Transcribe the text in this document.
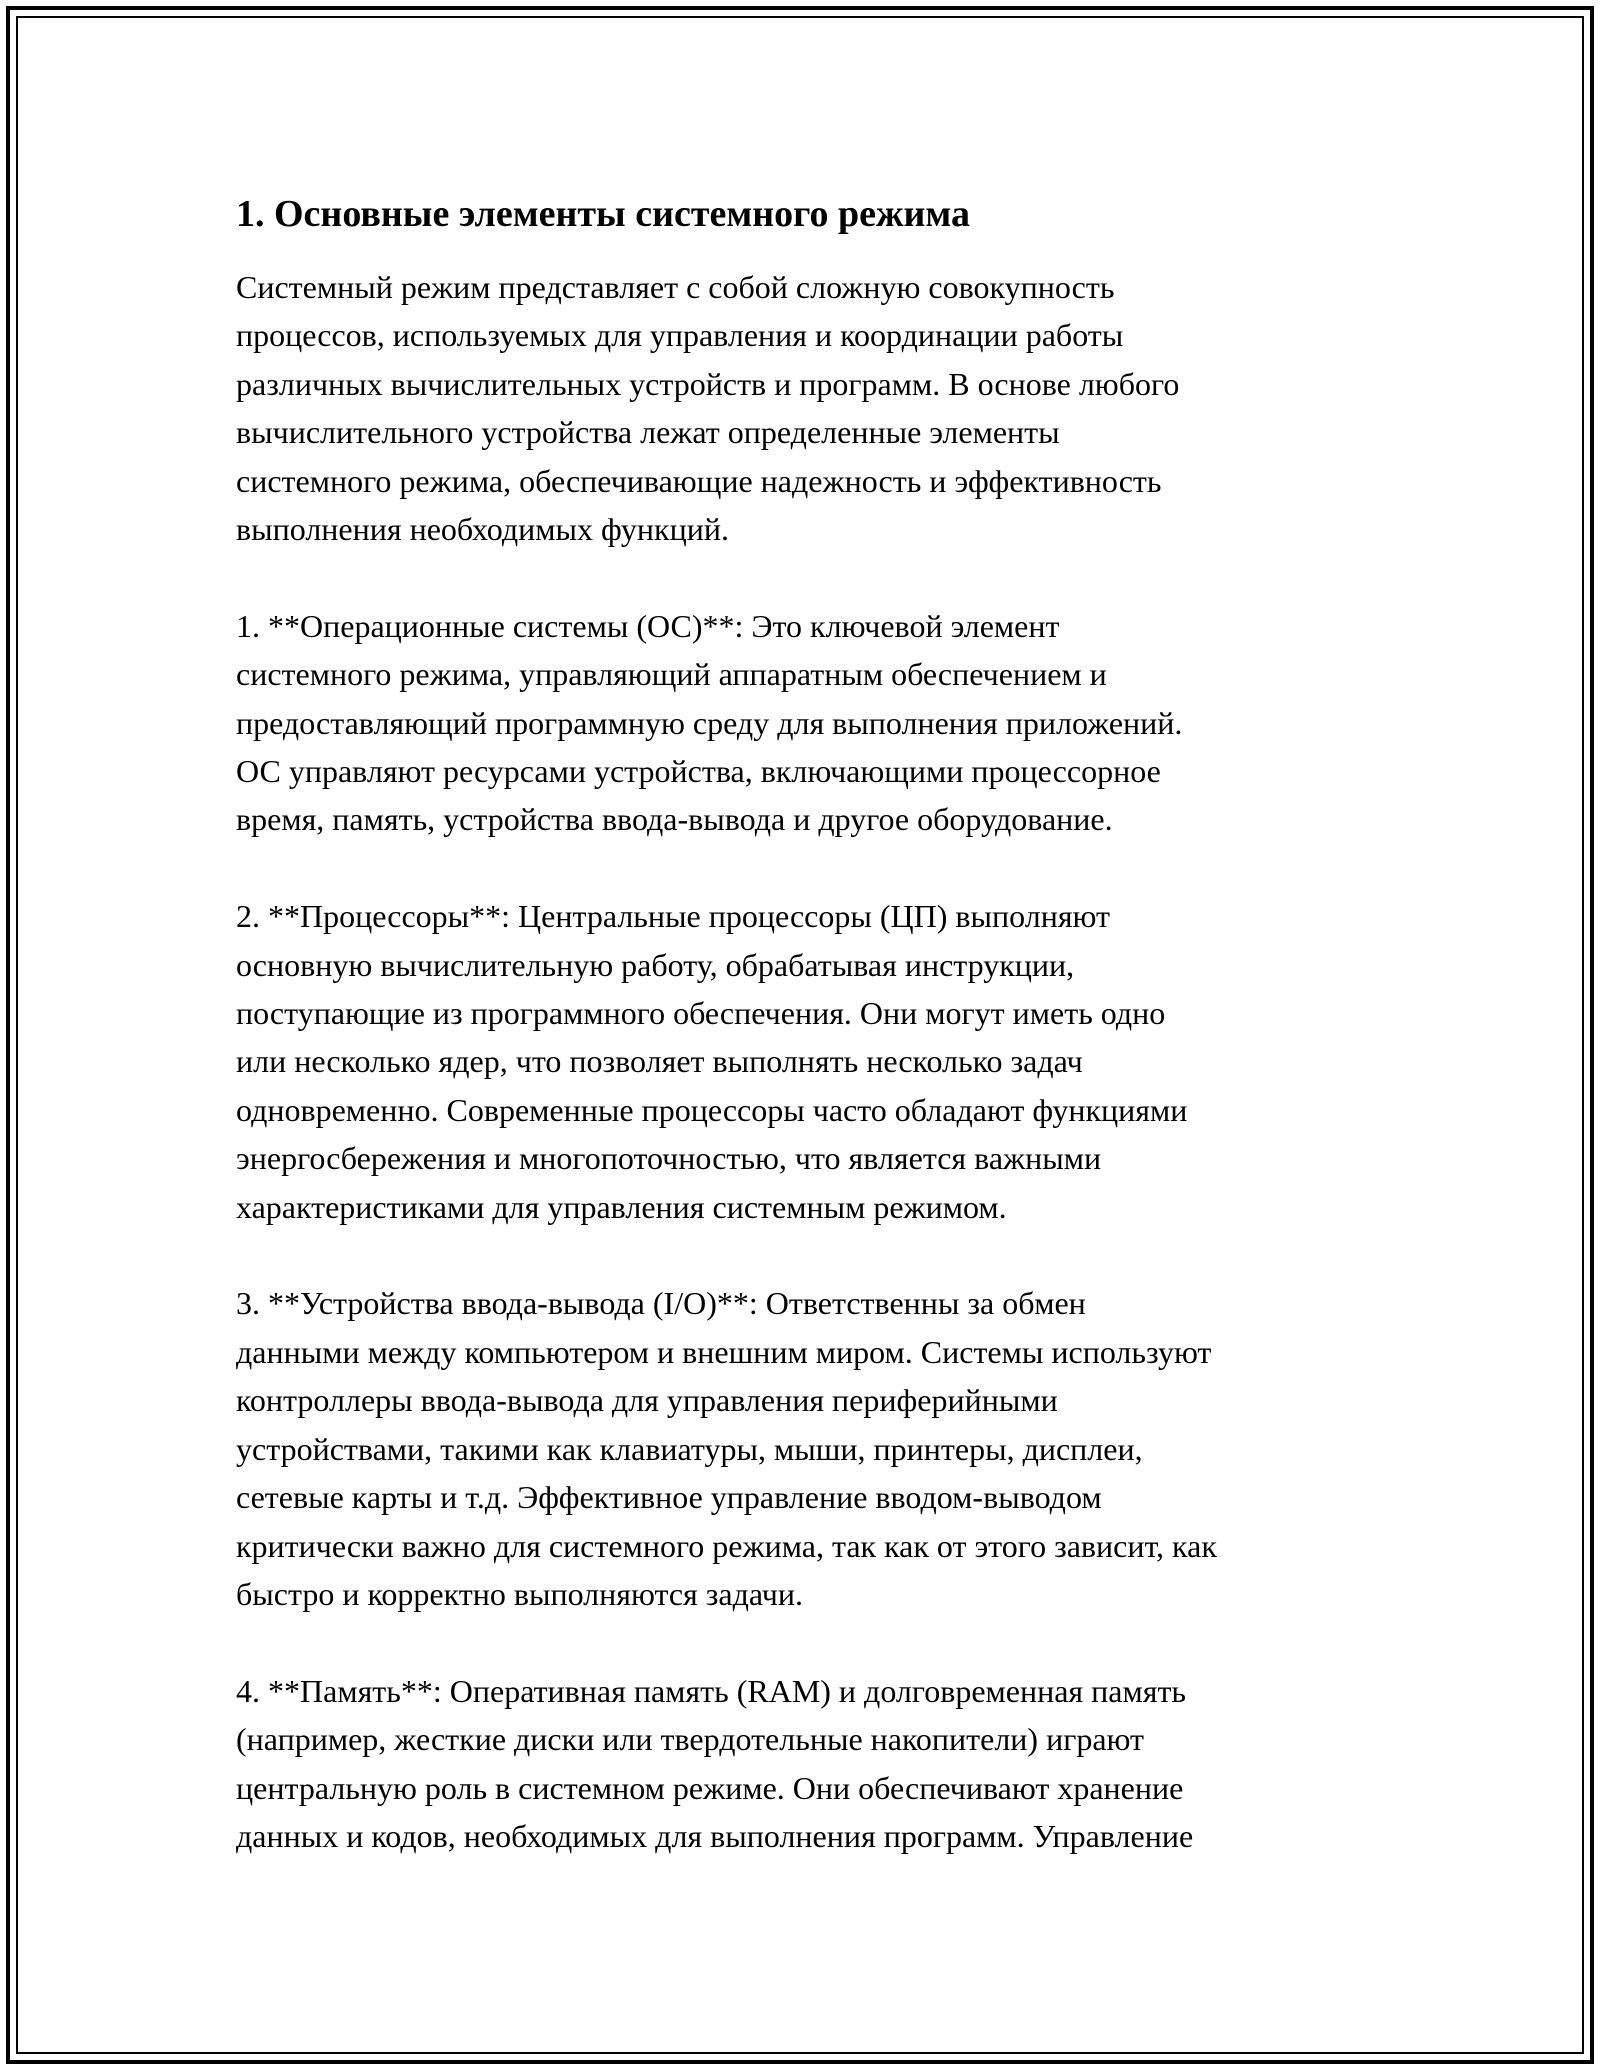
1. Основные элементы системного режима

Системный режим представляет с собой сложную совокупность
процессов, используемых для управления и координации работы
различных вычислительных устройств и программ. В основе любого
вычислительного устройства лежат определенные элементы
системного режима, обеспечивающие надежность и эффективность
выполнения необходимых функций.

1. **Операционные системы (ОС)**: Это ключевой элемент
системного режима, управляющий аппаратным обеспечением и
предоставляющий программную среду для выполнения приложений.
ОС управляют ресурсами устройства, включающими процессорное
время, память, устройства ввода-вывода и другое оборудование.

2. **Процессоры**: Центральные процессоры (ЦП) выполняют
основную вычислительную работу, обрабатывая инструкции,
поступающие из программного обеспечения. Они могут иметь одно
или несколько ядер, что позволяет выполнять несколько задач
одновременно. Современные процессоры часто обладают функциями
энергосбережения и многопоточностью, что является важными
характеристиками для управления системным режимом.

3. **Устройства ввода-вывода (I/O)**: Ответственны за обмен
данными между компьютером и внешним миром. Системы используют
контроллеры ввода-вывода для управления периферийными
устройствами, такими как клавиатуры, мыши, принтеры, дисплеи,
сетевые карты и т.д. Эффективное управление вводом-выводом
критически важно для системного режима, так как от этого зависит, как
быстро и корректно выполняются задачи.

4. **Память**: Оперативная память (RAM) и долговременная память
(например, жесткие диски или твердотельные накопители) играют
центральную роль в системном режиме. Они обеспечивают хранение
данных и кодов, необходимых для выполнения программ. Управление
